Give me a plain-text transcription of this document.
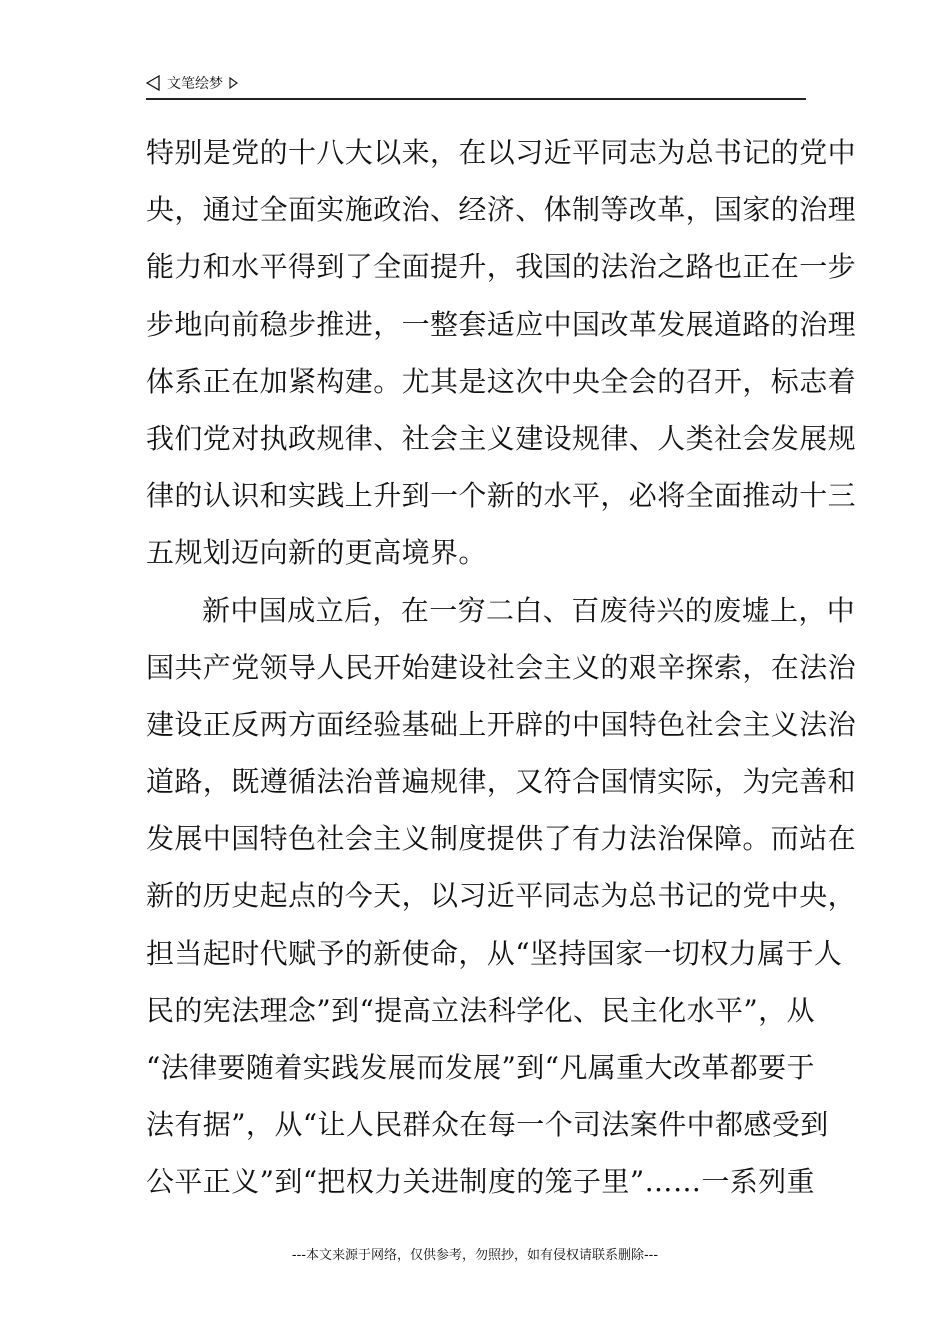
文笔绘梦
特别是党的十八大以来，在以习近平同志为总书记的党中
央，通过全面实施政治、经济、体制等改革，国家的治理
能力和水平得到了全面提升，我国的法治之路也正在一步
步地向前稳步推进，一整套适应中国改革发展道路的治理
体系正在加紧构建。尤其是这次中央全会的召开，标志着
我们党对执政规律、社会主义建设规律、人类社会发展规
律的认识和实践上升到一个新的水平，必将全面推动十三
五规划迈向新的更高境界。
新中国成立后，在一穷二白、百废待兴的废墟上，中
国共产党领导人民开始建设社会主义的艰辛探索，在法治
建设正反两方面经验基础上开辟的中国特色社会主义法治
道路，既遵循法治普遍规律，又符合国情实际，为完善和
发展中国特色社会主义制度提供了有力法治保障。而站在
新的历史起点的今天，以习近平同志为总书记的党中央，
担当起时代赋予的新使命，从“坚持国家一切权力属于人
民的宪法理念”到“提高立法科学化、民主化水平”，从
“法律要随着实践发展而发展”到“凡属重大改革都要于
法有据”，从“让人民群众在每一个司法案件中都感受到
公平正义”到“把权力关进制度的笼子里”……一系列重
---本文来源于网络，仅供参考，勿照抄，如有侵权请联系删除---
